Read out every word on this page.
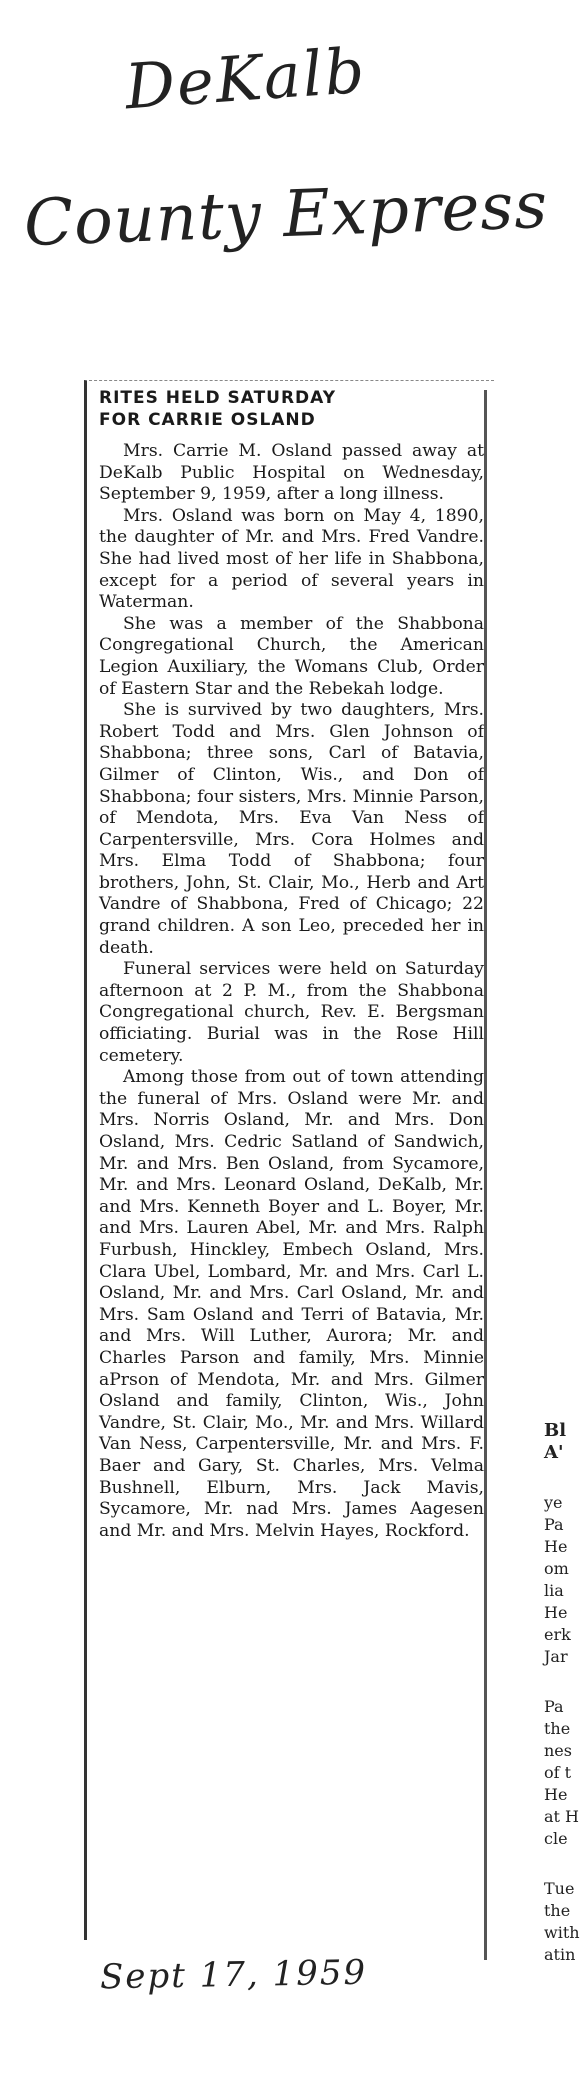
DeKalb
County Express

RITES HELD SATURDAY

FOR CARRIE OSLAND

Mrs. Carrie M. Osland passed away at DeKalb Public Hospital on Wednesday, September 9, 1959, after a long illness.

Mrs. Osland was born on May 4, 1890, the daughter of Mr. and Mrs. Fred Vandre. She had lived most of her life in Shabbona, except for a period of several years in Waterman.

She was a member of the Shabbona Congregational Church, the American Legion Auxiliary, the Womans Club, Order of Eastern Star and the Rebekah lodge.

She is survived by two daughters, Mrs. Robert Todd and Mrs. Glen Johnson of Shabbona; three sons, Carl of Batavia, Gilmer of Clinton, Wis., and Don of Shabbona; four sisters, Mrs. Minnie Parson, of Mendota, Mrs. Eva Van Ness of Carpentersville, Mrs. Cora Holmes and Mrs. Elma Todd of Shabbona; four brothers, John, St. Clair, Mo., Herb and Art Vandre of Shabbona, Fred of Chicago; 22 grand children. A son Leo, preceded her in death.

Funeral services were held on Saturday afternoon at 2 P. M., from the Shabbona Congregational church, Rev. E. Bergsman officiating. Burial was in the Rose Hill cemetery.

Among those from out of town attending the funeral of Mrs. Osland were Mr. and Mrs. Norris Osland, Mr. and Mrs. Don Osland, Mrs. Cedric Satland of Sandwich, Mr. and Mrs. Ben Osland, from Sycamore, Mr. and Mrs. Leonard Osland, DeKalb, Mr. and Mrs. Kenneth Boyer and L. Boyer, Mr. and Mrs. Lauren Abel, Mr. and Mrs. Ralph Furbush, Hinckley, Embech Osland, Mrs. Clara Ubel, Lombard, Mr. and Mrs. Carl L. Osland, Mr. and Mrs. Carl Osland, Mr. and Mrs. Sam Osland and Terri of Batavia, Mr. and Mrs. Will Luther, Aurora; Mr. and Charles Parson and family, Mrs. Minnie aPrson of Mendota, Mr. and Mrs. Gilmer Osland and family, Clinton, Wis., John Vandre, St. Clair, Mo., Mr. and Mrs. Willard Van Ness, Carpentersville, Mr. and Mrs. F. Baer and Gary, St. Charles, Mrs. Velma Bushnell, Elburn, Mrs. Jack Mavis, Sycamore, Mr. nad Mrs. James Aagesen and Mr. and Mrs. Melvin Hayes, Rockford.

Sept 17, 1959
Bl
A'
ye
Pa
He
om
lia
He
erk
Jar
Pa
the
nes
of t
He
at H
cle
Tue
the
with
atin
